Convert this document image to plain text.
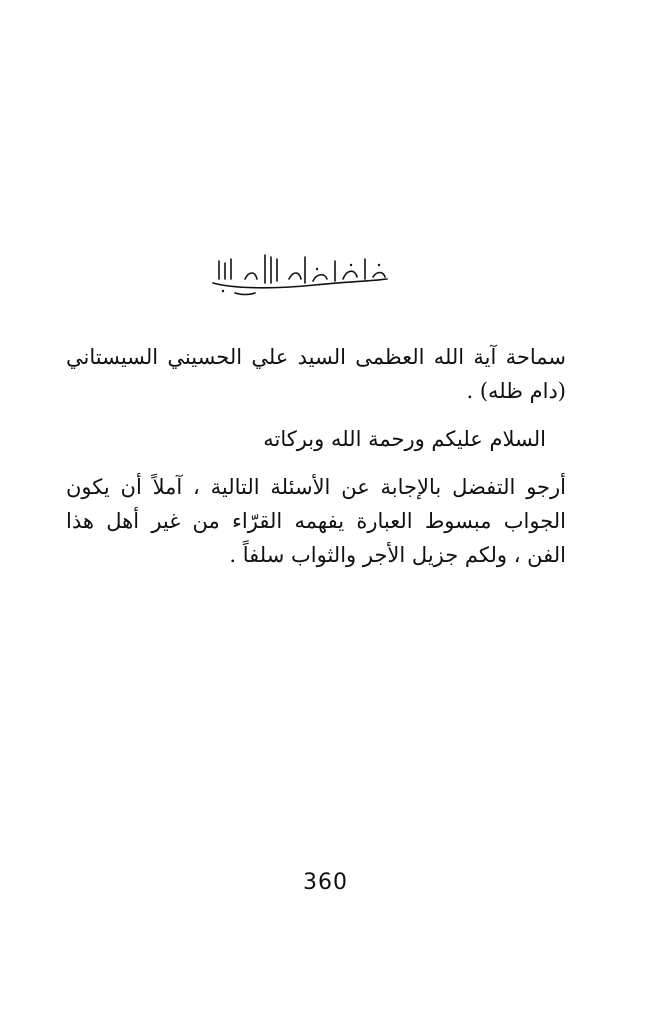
سماحة آية الله العظمى السيد علي الحسيني السيستاني (دام ظله) .

السلام عليكم ورحمة الله وبركاته

أرجو التفضل بالإجابة عن الأسئلة التالية ، آملاً أن يكون الجواب مبسوط العبارة يفهمه القرّاء من غير أهل هذا الفن ، ولكم جزيل الأجر والثواب سلفاً .

360
